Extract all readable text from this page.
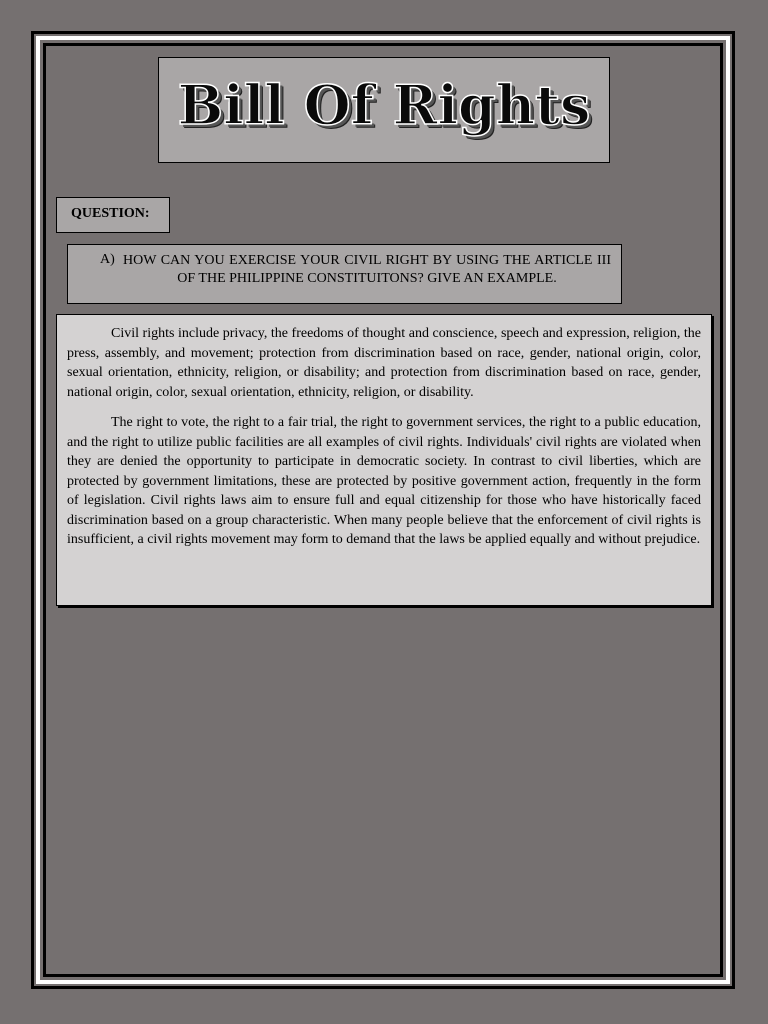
Bill Of Rights
QUESTION:
A) HOW CAN YOU EXERCISE YOUR CIVIL RIGHT BY USING THE ARTICLE III OF THE PHILIPPINE CONSTITUITONS? GIVE AN EXAMPLE.

Civil rights include privacy, the freedoms of thought and conscience, speech and expression, religion, the press, assembly, and movement; protection from discrimination based on race, gender, national origin, color, sexual orientation, ethnicity, religion, or disability; and protection from discrimination based on race, gender, national origin, color, sexual orientation, ethnicity, religion, or disability.

The right to vote, the right to a fair trial, the right to government services, the right to a public education, and the right to utilize public facilities are all examples of civil rights. Individuals' civil rights are violated when they are denied the opportunity to participate in democratic society. In contrast to civil liberties, which are protected by government limitations, these are protected by positive government action, frequently in the form of legislation. Civil rights laws aim to ensure full and equal citizenship for those who have historically faced discrimination based on a group characteristic. When many people believe that the enforcement of civil rights is insufficient, a civil rights movement may form to demand that the laws be applied equally and without prejudice.
